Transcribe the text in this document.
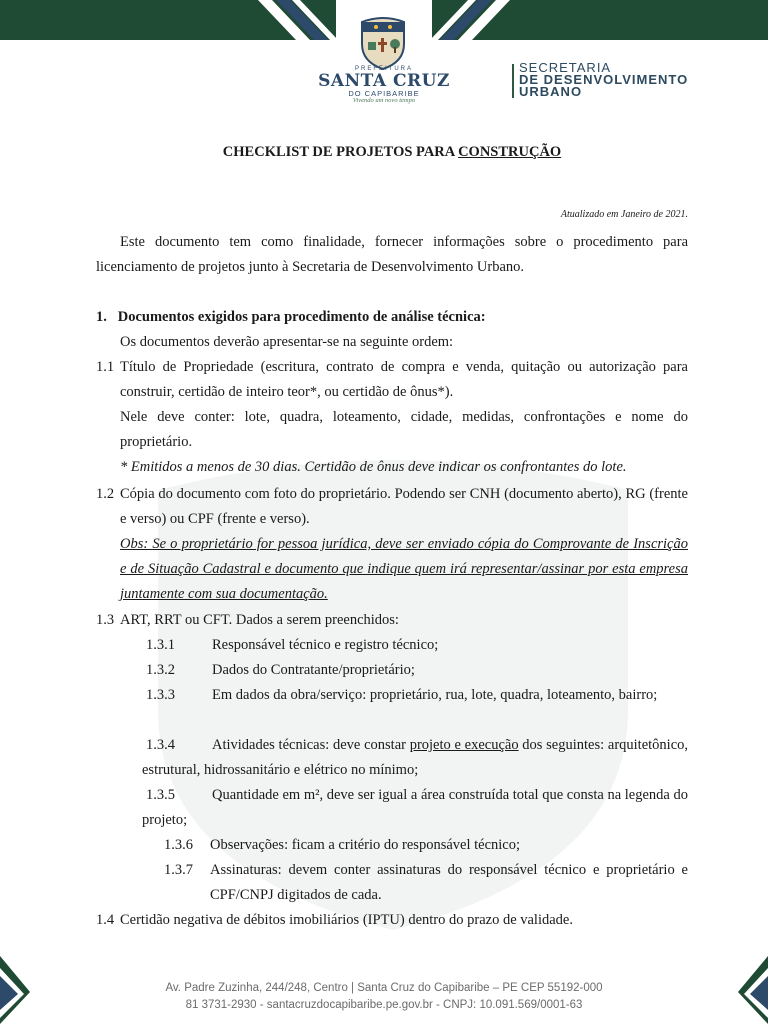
PREFEITURA
SANTA CRUZ
DO CAPIBARIBE
Vivendo um novo tempo
SECRETARIA
DE DESENVOLVIMENTO
URBANO
CHECKLIST DE PROJETOS PARA CONSTRUÇÃO
Atualizado em Janeiro de 2021.
Este documento tem como finalidade, fornecer informações sobre o procedimento para licenciamento de projetos junto à Secretaria de Desenvolvimento Urbano.
1. Documentos exigidos para procedimento de análise técnica:
Os documentos deverão apresentar-se na seguinte ordem:
1.1 Título de Propriedade (escritura, contrato de compra e venda, quitação ou autorização para construir, certidão de inteiro teor*, ou certidão de ônus*).
Nele deve conter: lote, quadra, loteamento, cidade, medidas, confrontações e nome do proprietário.
* Emitidos a menos de 30 dias. Certidão de ônus deve indicar os confrontantes do lote.
1.2 Cópia do documento com foto do proprietário. Podendo ser CNH (documento aberto), RG (frente e verso) ou CPF (frente e verso).
Obs: Se o proprietário for pessoa jurídica, deve ser enviado cópia do Comprovante de Inscrição e de Situação Cadastral e documento que indique quem irá representar/assinar por esta empresa juntamente com sua documentação.
1.3 ART, RRT ou CFT. Dados a serem preenchidos:
1.3.1	Responsável técnico e registro técnico;
1.3.2	Dados do Contratante/proprietário;
1.3.3	Em dados da obra/serviço: proprietário, rua, lote, quadra, loteamento, bairro;
1.3.4	Atividades técnicas: deve constar projeto e execução dos seguintes: arquitetônico, estrutural, hidrossanitário e elétrico no mínimo;
1.3.5	Quantidade em m², deve ser igual a área construída total que consta na legenda do projeto;
1.3.6 Observações: ficam a critério do responsável técnico;
1.3.7 Assinaturas: devem conter assinaturas do responsável técnico e proprietário e CPF/CNPJ digitados de cada.
1.4 Certidão negativa de débitos imobiliários (IPTU) dentro do prazo de validade.
Av. Padre Zuzinha, 244/248, Centro | Santa Cruz do Capibaribe – PE CEP 55192-000
81 3731-2930 - santacruzdocapibaribe.pe.gov.br - CNPJ: 10.091.569/0001-63
